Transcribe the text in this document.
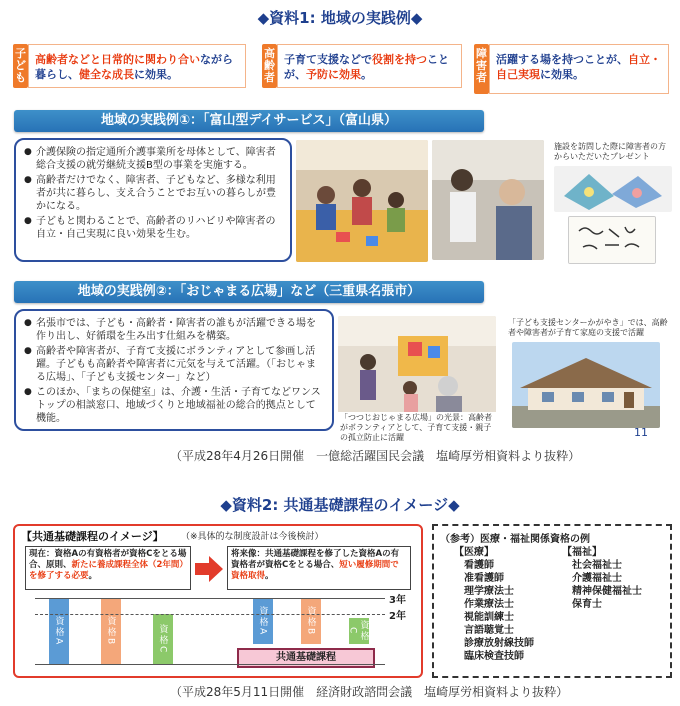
◆資料1: 地域の実践例◆
子ども
高齢者などと日常的に関わり合いながら暮らし、健全な成長に効果。
高齢者
子育て支援などで役割を持つことが、予防に効果。
障害者
活躍する場を持つことが、自立・自己実現に効果。
地域の実践例①：「富山型デイサービス」（富山県）
● 介護保険の指定通所介護事業所を母体として、障害者総合支援の就労継続支援B型の事業を実施する。
● 高齢者だけでなく、障害者、子どもなど、多様な利用者が共に暮らし、支え合うことでお互いの暮らしが豊かになる。
● 子どもと関わることで、高齢者のリハビリや障害者の自立・自己実現に良い効果を生む。
施設を訪問した際に障害者の方からいただいたプレゼント
地域の実践例②：「おじゃまる広場」など（三重県名張市）
● 名張市では、子ども・高齢者・障害者の誰もが活躍できる場を作り出し、好循環を生み出す仕組みを構築。
● 高齢者や障害者が、子育て支援にボランティアとして参画し活躍。子どもも高齢者や障害者に元気を与えて活躍。（「おじゃまる広場」、「子ども支援センター」など）
● このほか、「まちの保健室」は、介護・生活・子育てなどワンストップの相談窓口、地域づくりと地域福祉の総合的拠点として機能。	「つつじおじゃまる広場」の光景：高齢者がボランティアとして、子育て支援・親子の孤立防止に活躍
「子ども支援センターかがやき」では、高齢者や障害者が子育て家庭の支援で活躍
11
（平成28年4月26日開催　一億総活躍国民会議　塩崎厚労相資料より抜粋）
◆資料2: 共通基礎課程のイメージ◆
【共通基礎課程のイメージ】 （※具体的な制度設計は今後検討）
現在：資格Aの有資格者が資格Cをとる場合、原則、新たに養成課程全体（2年間）を修了する必要。
将来像：共通基礎課程を修了した資格Aの有資格者が資格Cをとる場合、短い履修期間で資格取得。
資格A	資格B	資格C
資格A	資格B	資格C
共通基礎課程
3年
2年
（参考）医療・福祉関係資格の例
【医療】
看護師
准看護師
理学療法士
作業療法士
視能訓練士
言語聴覚士
診療放射線技師
臨床検査技師
【福祉】
社会福祉士
介護福祉士
精神保健福祉士
保育士
（平成28年5月11日開催　経済財政諮問会議　塩崎厚労相資料より抜粋）
